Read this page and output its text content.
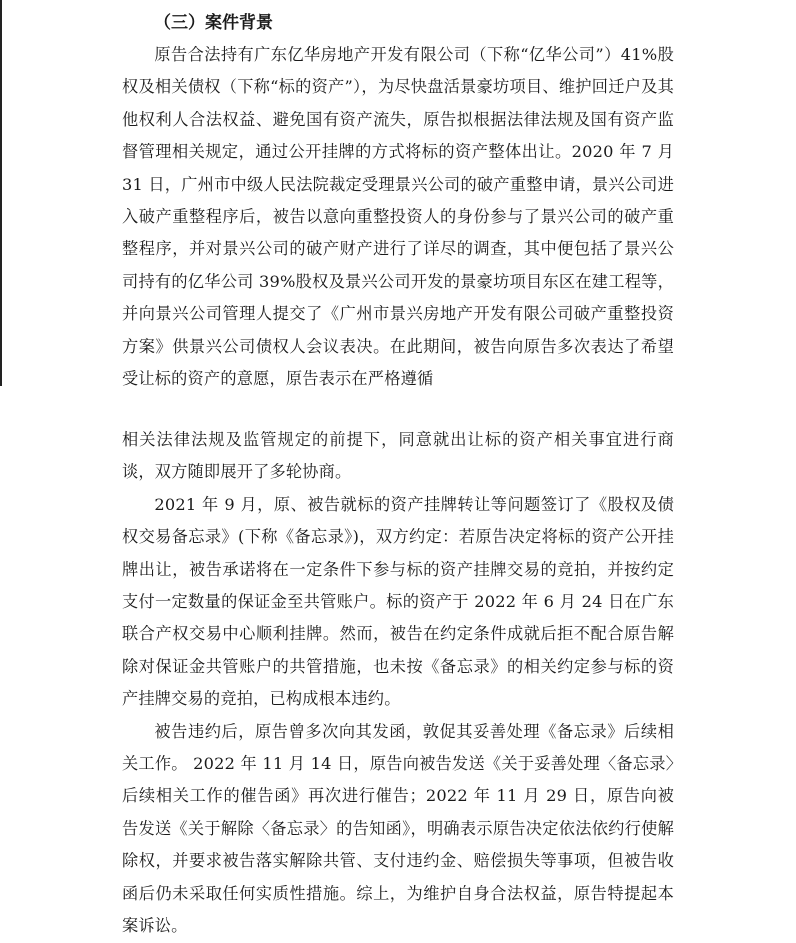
（三）案件背景

原告合法持有广东亿华房地产开发有限公司（下称“亿华公司”）41%股权及相关债权（下称“标的资产”），为尽快盘活景豪坊项目、维护回迁户及其他权利人合法权益、避免国有资产流失，原告拟根据法律法规及国有资产监督管理相关规定，通过公开挂牌的方式将标的资产整体出让。2020 年 7 月 31 日，广州市中级人民法院裁定受理景兴公司的破产重整申请，景兴公司进入破产重整程序后，被告以意向重整投资人的身份参与了景兴公司的破产重整程序，并对景兴公司的破产财产进行了详尽的调查，其中便包括了景兴公司持有的亿华公司 39%股权及景兴公司开发的景豪坊项目东区在建工程等，并向景兴公司管理人提交了《广州市景兴房地产开发有限公司破产重整投资方案》供景兴公司债权人会议表决。在此期间，被告向原告多次表达了希望受让标的资产的意愿，原告表示在严格遵循

相关法律法规及监管规定的前提下，同意就出让标的资产相关事宜进行商谈，双方随即展开了多轮协商。

2021 年 9 月，原、被告就标的资产挂牌转让等问题签订了《股权及债权交易备忘录》(下称《备忘录》)，双方约定：若原告决定将标的资产公开挂牌出让，被告承诺将在一定条件下参与标的资产挂牌交易的竞拍，并按约定支付一定数量的保证金至共管账户。标的资产于 2022 年 6 月 24 日在广东联合产权交易中心顺利挂牌。然而，被告在约定条件成就后拒不配合原告解除对保证金共管账户的共管措施，也未按《备忘录》的相关约定参与标的资产挂牌交易的竞拍，已构成根本违约。

被告违约后，原告曾多次向其发函，敦促其妥善处理《备忘录》后续相关工作。 2022 年 11 月 14 日，原告向被告发送《关于妥善处理〈备忘录〉后续相关工作的催告函》再次进行催告；2022 年 11 月 29 日，原告向被告发送《关于解除〈备忘录〉的告知函》，明确表示原告决定依法依约行使解除权，并要求被告落实解除共管、支付违约金、赔偿损失等事项，但被告收函后仍未采取任何实质性措施。综上，为维护自身合法权益，原告特提起本案诉讼。
